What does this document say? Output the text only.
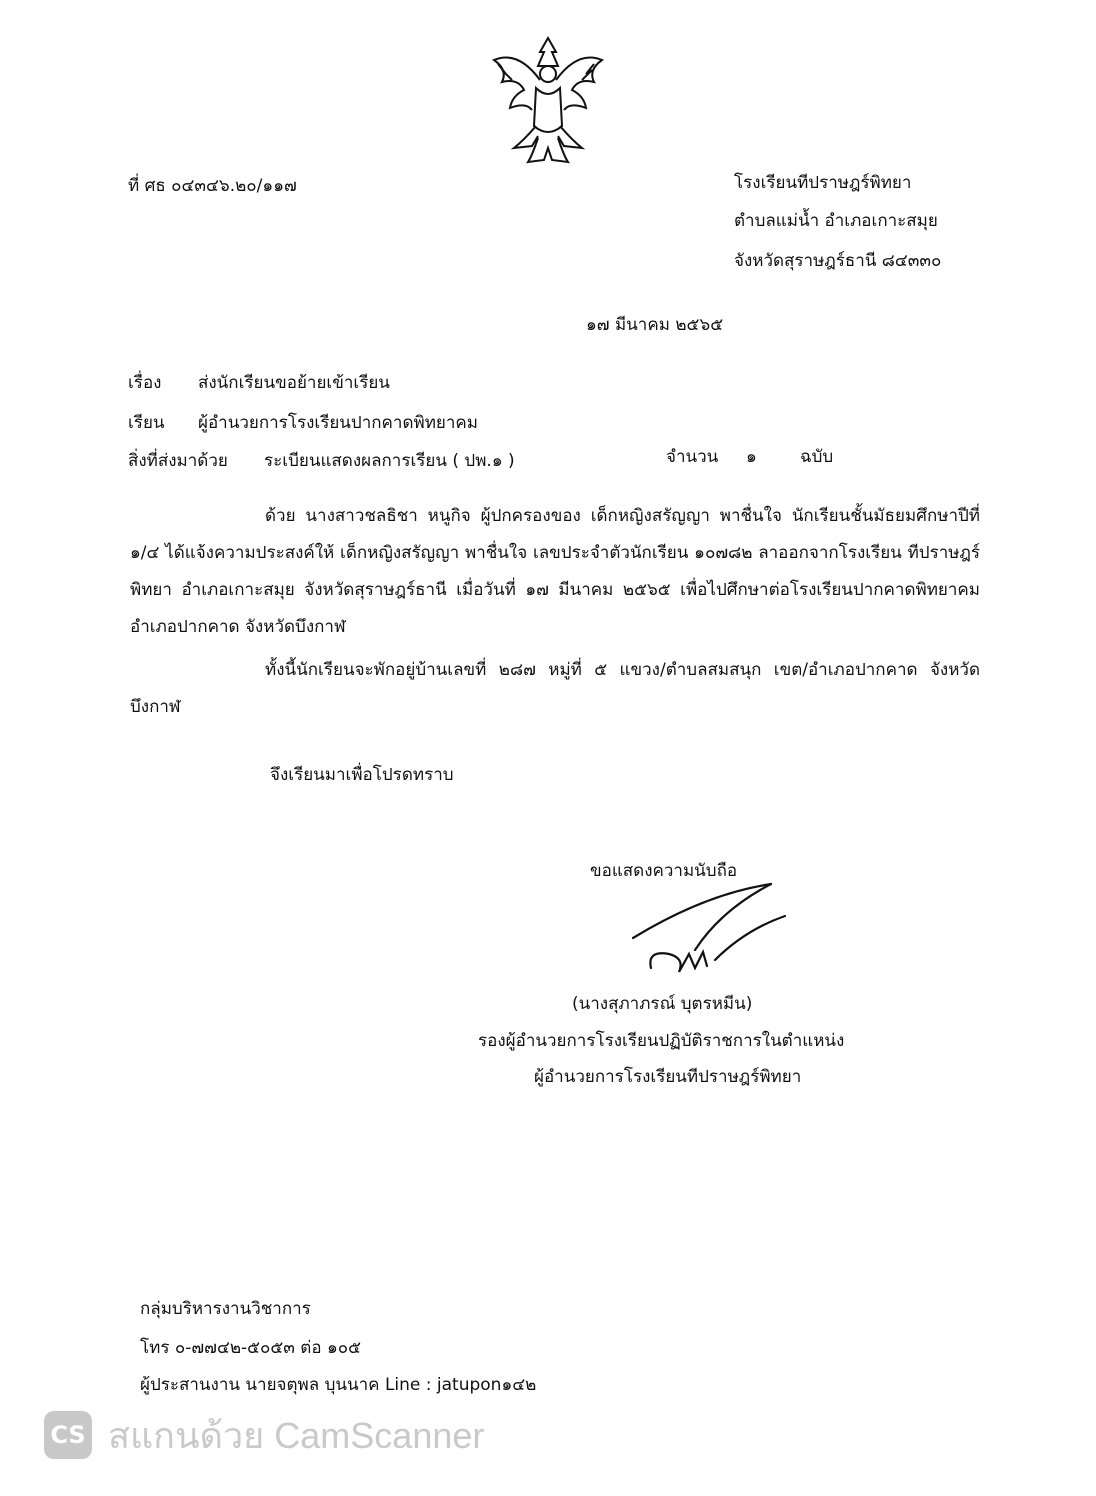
ที่ ศธ ๐๔๓๔๖.๒๐/๑๑๗	โรงเรียนทีปราษฎร์พิทยา
ตำบลแม่น้ำ อำเภอเกาะสมุย
จังหวัดสุราษฎร์ธานี ๘๔๓๓๐
๑๗ มีนาคม ๒๕๖๕
เรื่อง ส่งนักเรียนขอย้ายเข้าเรียน
เรียน ผู้อำนวยการโรงเรียนปากคาดพิทยาคม
สิ่งที่ส่งมาด้วย ระเบียนแสดงผลการเรียน ( ปพ.๑ )	จำนวน ๑	ฉบับ
ด้วย นางสาวชลธิชา หนูกิจ ผู้ปกครองของ เด็กหญิงสรัญญา พาชื่นใจ นักเรียนชั้นมัธยมศึกษาปีที่ ๑/๔ ได้แจ้งความประสงค์ให้ เด็กหญิงสรัญญา พาชื่นใจ เลขประจำตัวนักเรียน ๑๐๗๘๒ ลาออกจากโรงเรียน ทีปราษฎร์พิทยา อำเภอเกาะสมุย จังหวัดสุราษฎร์ธานี เมื่อวันที่ ๑๗ มีนาคม ๒๕๖๕ เพื่อไปศึกษาต่อโรงเรียนปากคาดพิทยาคม อำเภอปากคาด จังหวัดบึงกาฬ
ทั้งนี้นักเรียนจะพักอยู่บ้านเลขที่ ๒๘๗ หมู่ที่ ๕ แขวง/ตำบลสมสนุก เขต/อำเภอปากคาด จังหวัดบึงกาฬ
จึงเรียนมาเพื่อโปรดทราบ
ขอแสดงความนับถือ
(นางสุภาภรณ์ บุตรหมีน)
รองผู้อำนวยการโรงเรียนปฏิบัติราชการในตำแหน่ง
ผู้อำนวยการโรงเรียนทีปราษฎร์พิทยา
กลุ่มบริหารงานวิชาการ
โทร ๐-๗๗๔๒-๕๐๕๓ ต่อ ๑๐๕
ผู้ประสานงาน นายจตุพล บุนนาค Line : jatupon๑๔๒
CS สแกนด้วย CamScanner
